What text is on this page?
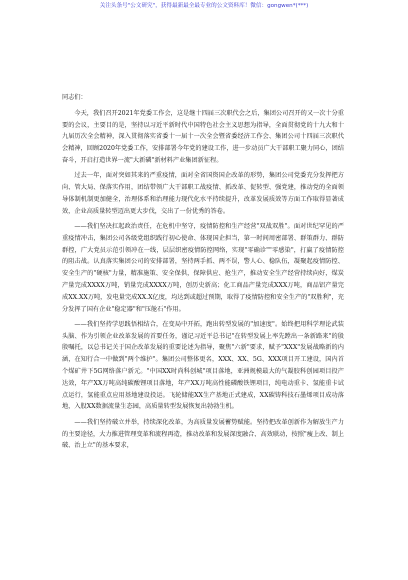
关注头条号"公文研究"，获得最新最全最专业的公文资料库！微信：gongwen*(***)

同志们：

今天，我们召开2021年党委工作会，这是继十四届三次职代会之后，集团公司召开的又一次十分重要的会议，主要目的是，坚持以习近平新时代中国特色社会主义思想为指导，全面贯彻党的十九大和十九届历次全会精神，深入贯彻落实省委十一届十一次全会暨省委经济工作会、集团公司十四届三次职代会精神，回顾2020年党委工作，安排部署今年党的建设工作，进一步动员广大干部职工聚力同心，团结奋斗，开启打造世界一流"大新磷"新材料产业集团新征程。

过去一年，面对突如其来的严重疫情，面对全省国资国企改革的形势，集团公司党委充分发挥把方向、管大局、保落实作用，团结带领广大干部职工战疫情、抓改革、促转型、强党建，推动党的全面领导体制机制更加健全，治理体系和治理能力现代化水平持续提升，改革发展质效等方面工作取得显著成效，企业高质量转型迈出更大步伐，交出了一份优秀的答卷。

——我们坚决扛起政治责任，在危机中坚守，疫情防控和生产经营"双战双胜"。面对世纪罕见的严重疫情冲击，集团公司各级党组织践行初心使命、体现国企担当，第一时间周密部署、群策群力、群防群控，广大党员示范引领冲在一线，层层织密疫情防控网络，实现"零确诊""零感染"，打赢了疫情防控的阻击战。认真落实集团公司的安排部署，坚持两手抓、两不误，警人心、稳队伍，凝聚起疫情防控、安全生产的"硬核"力量，精准施策、安全保供，保障供应、抢生产，推动安全生产经营持续向好，煤炭产量完成XXXX万吨，销量完成XXXX万吨，创历史新高；化工商品产量完成XXX万吨，商品铝产量完成XX.XX万吨，发电量完成XX.X亿度，均达到或超过预期，取得了疫情防控和安全生产的"双胜利"，充分发挥了国有企业"稳定器"和"压舱石"作用。

——我们坚持学思践悟相结合，在变局中开拓，跑出转型发展的"加速度"。始终把用科学理论武装头脑、作为引领企业改革发展的首要任务，谨记习近平总书记"在转型发展上率先蹚出一条新路来"的殷殷嘱托，以总书记关于国企改革发展的重要论述为指导，聚焦"六新"要求，赋予"XXX"发展战略新的内涵，在知行合一中做到"两个维护"。集团公司整体更名，XXX、XX、5G、XXX项目开工建设，国内首个煤矿井下5G网络落户新元。"中国XX时尚科创城"项目落地，亚洲规模最大的气凝胶科创园项目投产达效，年产XX万吨高纯碳酸锂项目落地，年产XX万吨高性能磷酸铁锂项目，纯电动重卡、氢能重卡试点运行，氢能重点应用基地建设投运。飞轮储能XX生产基地正式建成，XX碳铸科技石墨烯项目成功落地，入股XX数据流量生态园，高质量转型发展恢复出勃勃生机。

——我们坚持破立并举，持续深化改革，为高质量发展蓄势赋能。坚持把改革创新作为解放生产力的主要途径，大力推进管理变革和流程再造，推动改革和发展深度融合、高效联动，按照"瘦上改、制上破、治上立"的基本要求，
